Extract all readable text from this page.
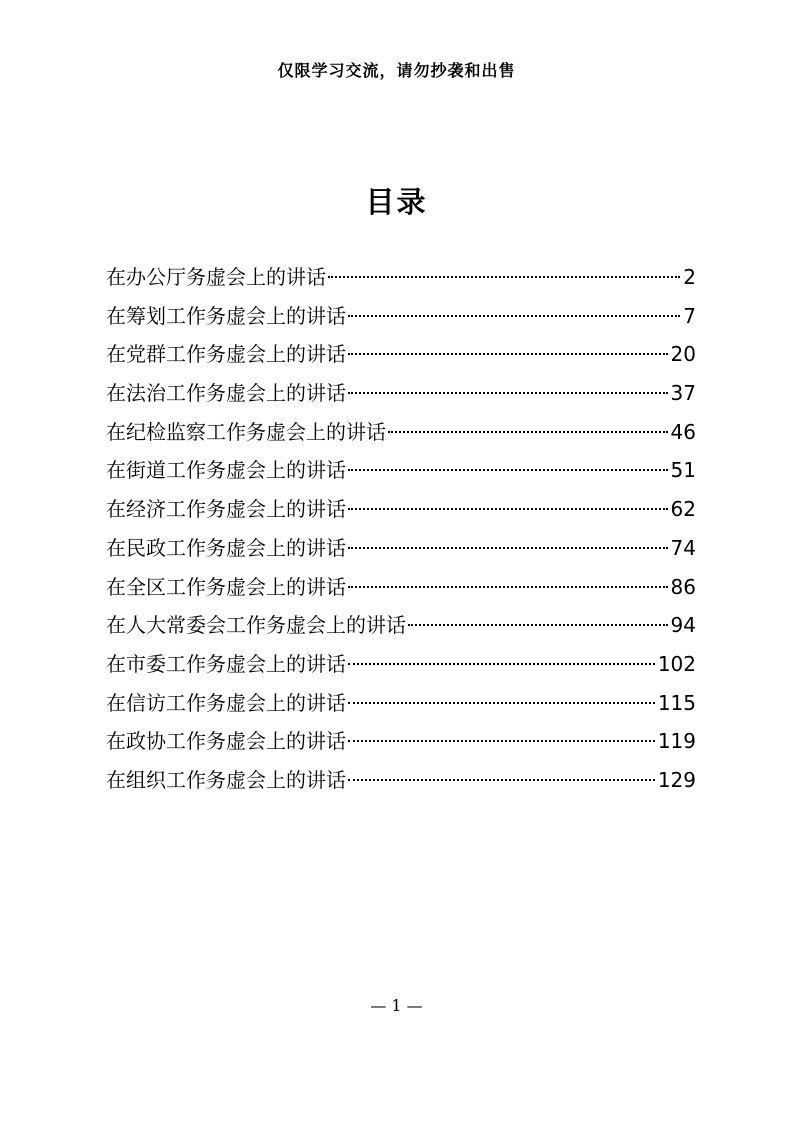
仅限学习交流，请勿抄袭和出售
目录
在办公厅务虚会上的讲话	2
在筹划工作务虚会上的讲话	7
在党群工作务虚会上的讲话	20
在法治工作务虚会上的讲话	37
在纪检监察工作务虚会上的讲话	46
在街道工作务虚会上的讲话	51
在经济工作务虚会上的讲话	62
在民政工作务虚会上的讲话	74
在全区工作务虚会上的讲话	86
在人大常委会工作务虚会上的讲话	94
在市委工作务虚会上的讲话	102
在信访工作务虚会上的讲话	115
在政协工作务虚会上的讲话	119
在组织工作务虚会上的讲话	129
— 1 —
